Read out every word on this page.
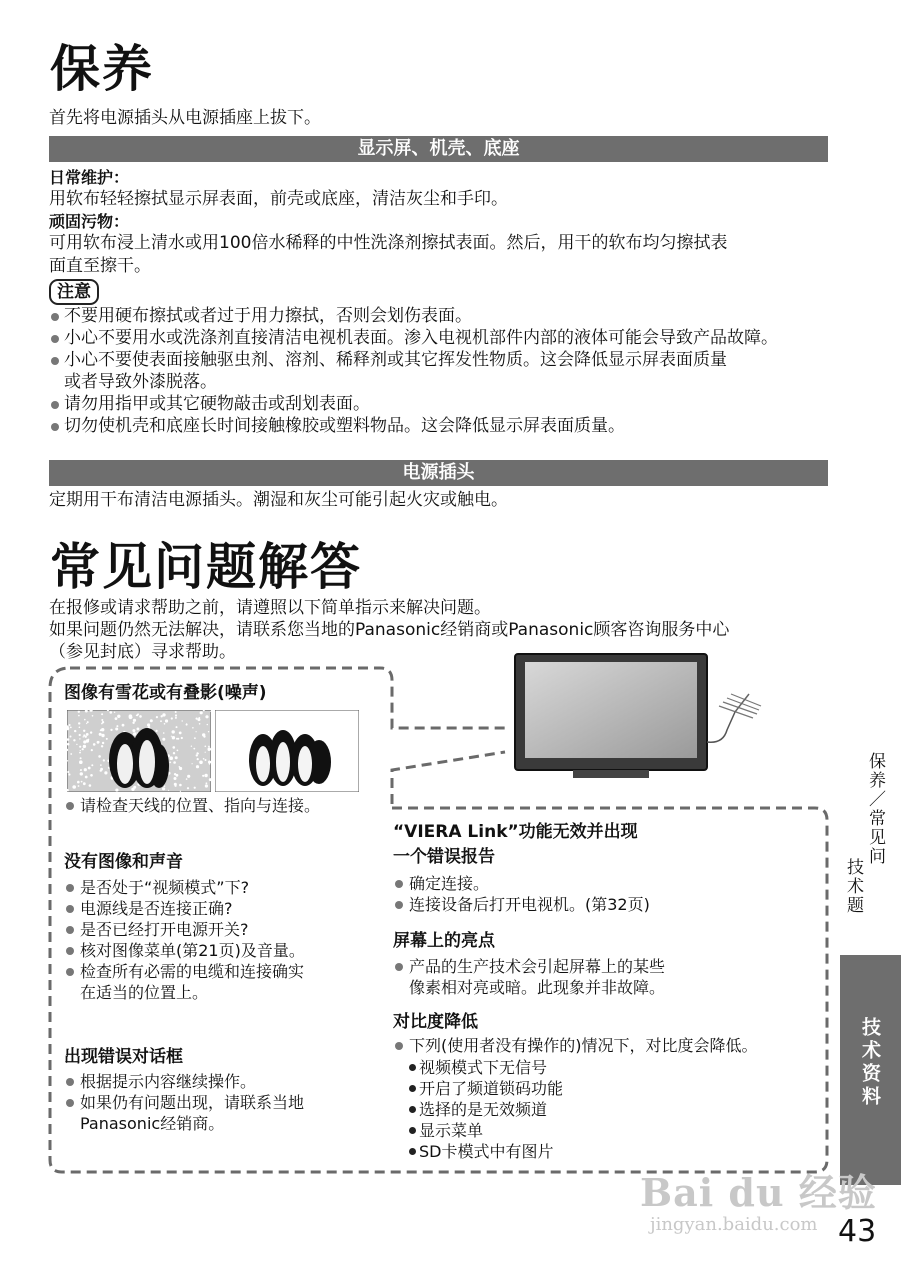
保养
首先将电源插头从电源插座上拔下。
显示屏、机壳、底座
日常维护：
用软布轻轻擦拭显示屏表面，前壳或底座，清洁灰尘和手印。
顽固污物：
可用软布浸上清水或用100倍水稀释的中性洗涤剂擦拭表面。然后，用干的软布均匀擦拭表
面直至擦干。
注意
不要用硬布擦拭或者过于用力擦拭，否则会划伤表面。
小心不要用水或洗涤剂直接清洁电视机表面。渗入电视机部件内部的液体可能会导致产品故障。
小心不要使表面接触驱虫剂、溶剂、稀释剂或其它挥发性物质。这会降低显示屏表面质量
或者导致外漆脱落。
请勿用指甲或其它硬物敲击或刮划表面。
切勿使机壳和底座长时间接触橡胶或塑料物品。这会降低显示屏表面质量。
电源插头
定期用干布清洁电源插头。潮湿和灰尘可能引起火灾或触电。
常见问题解答
在报修或请求帮助之前，请遵照以下简单指示来解决问题。
如果问题仍然无法解决，请联系您当地的Panasonic经销商或Panasonic顾客咨询服务中心
（参见封底）寻求帮助。
图像有雪花或有叠影(噪声)
请检查天线的位置、指向与连接。
没有图像和声音
是否处于“视频模式”下?
电源线是否连接正确?
是否已经打开电源开关?
核对图像菜单(第21页)及音量。
检查所有必需的电缆和连接确实
在适当的位置上。
出现错误对话框
根据提示内容继续操作。
如果仍有问题出现，请联系当地
Panasonic经销商。
“VIERA Link”功能无效并出现
一个错误报告
确定连接。
连接设备后打开电视机。(第32页)
屏幕上的亮点
产品的生产技术会引起屏幕上的某些
像素相对亮或暗。此现象并非故障。
对比度降低
下列(使用者没有操作的)情况下，对比度会降低。
视频模式下无信号
开启了频道锁码功能
选择的是无效频道
显示菜单
SD卡模式中有图片
保养／常见问
技术题
技术资料
Bai du 经验
jingyan.baidu.com 43
